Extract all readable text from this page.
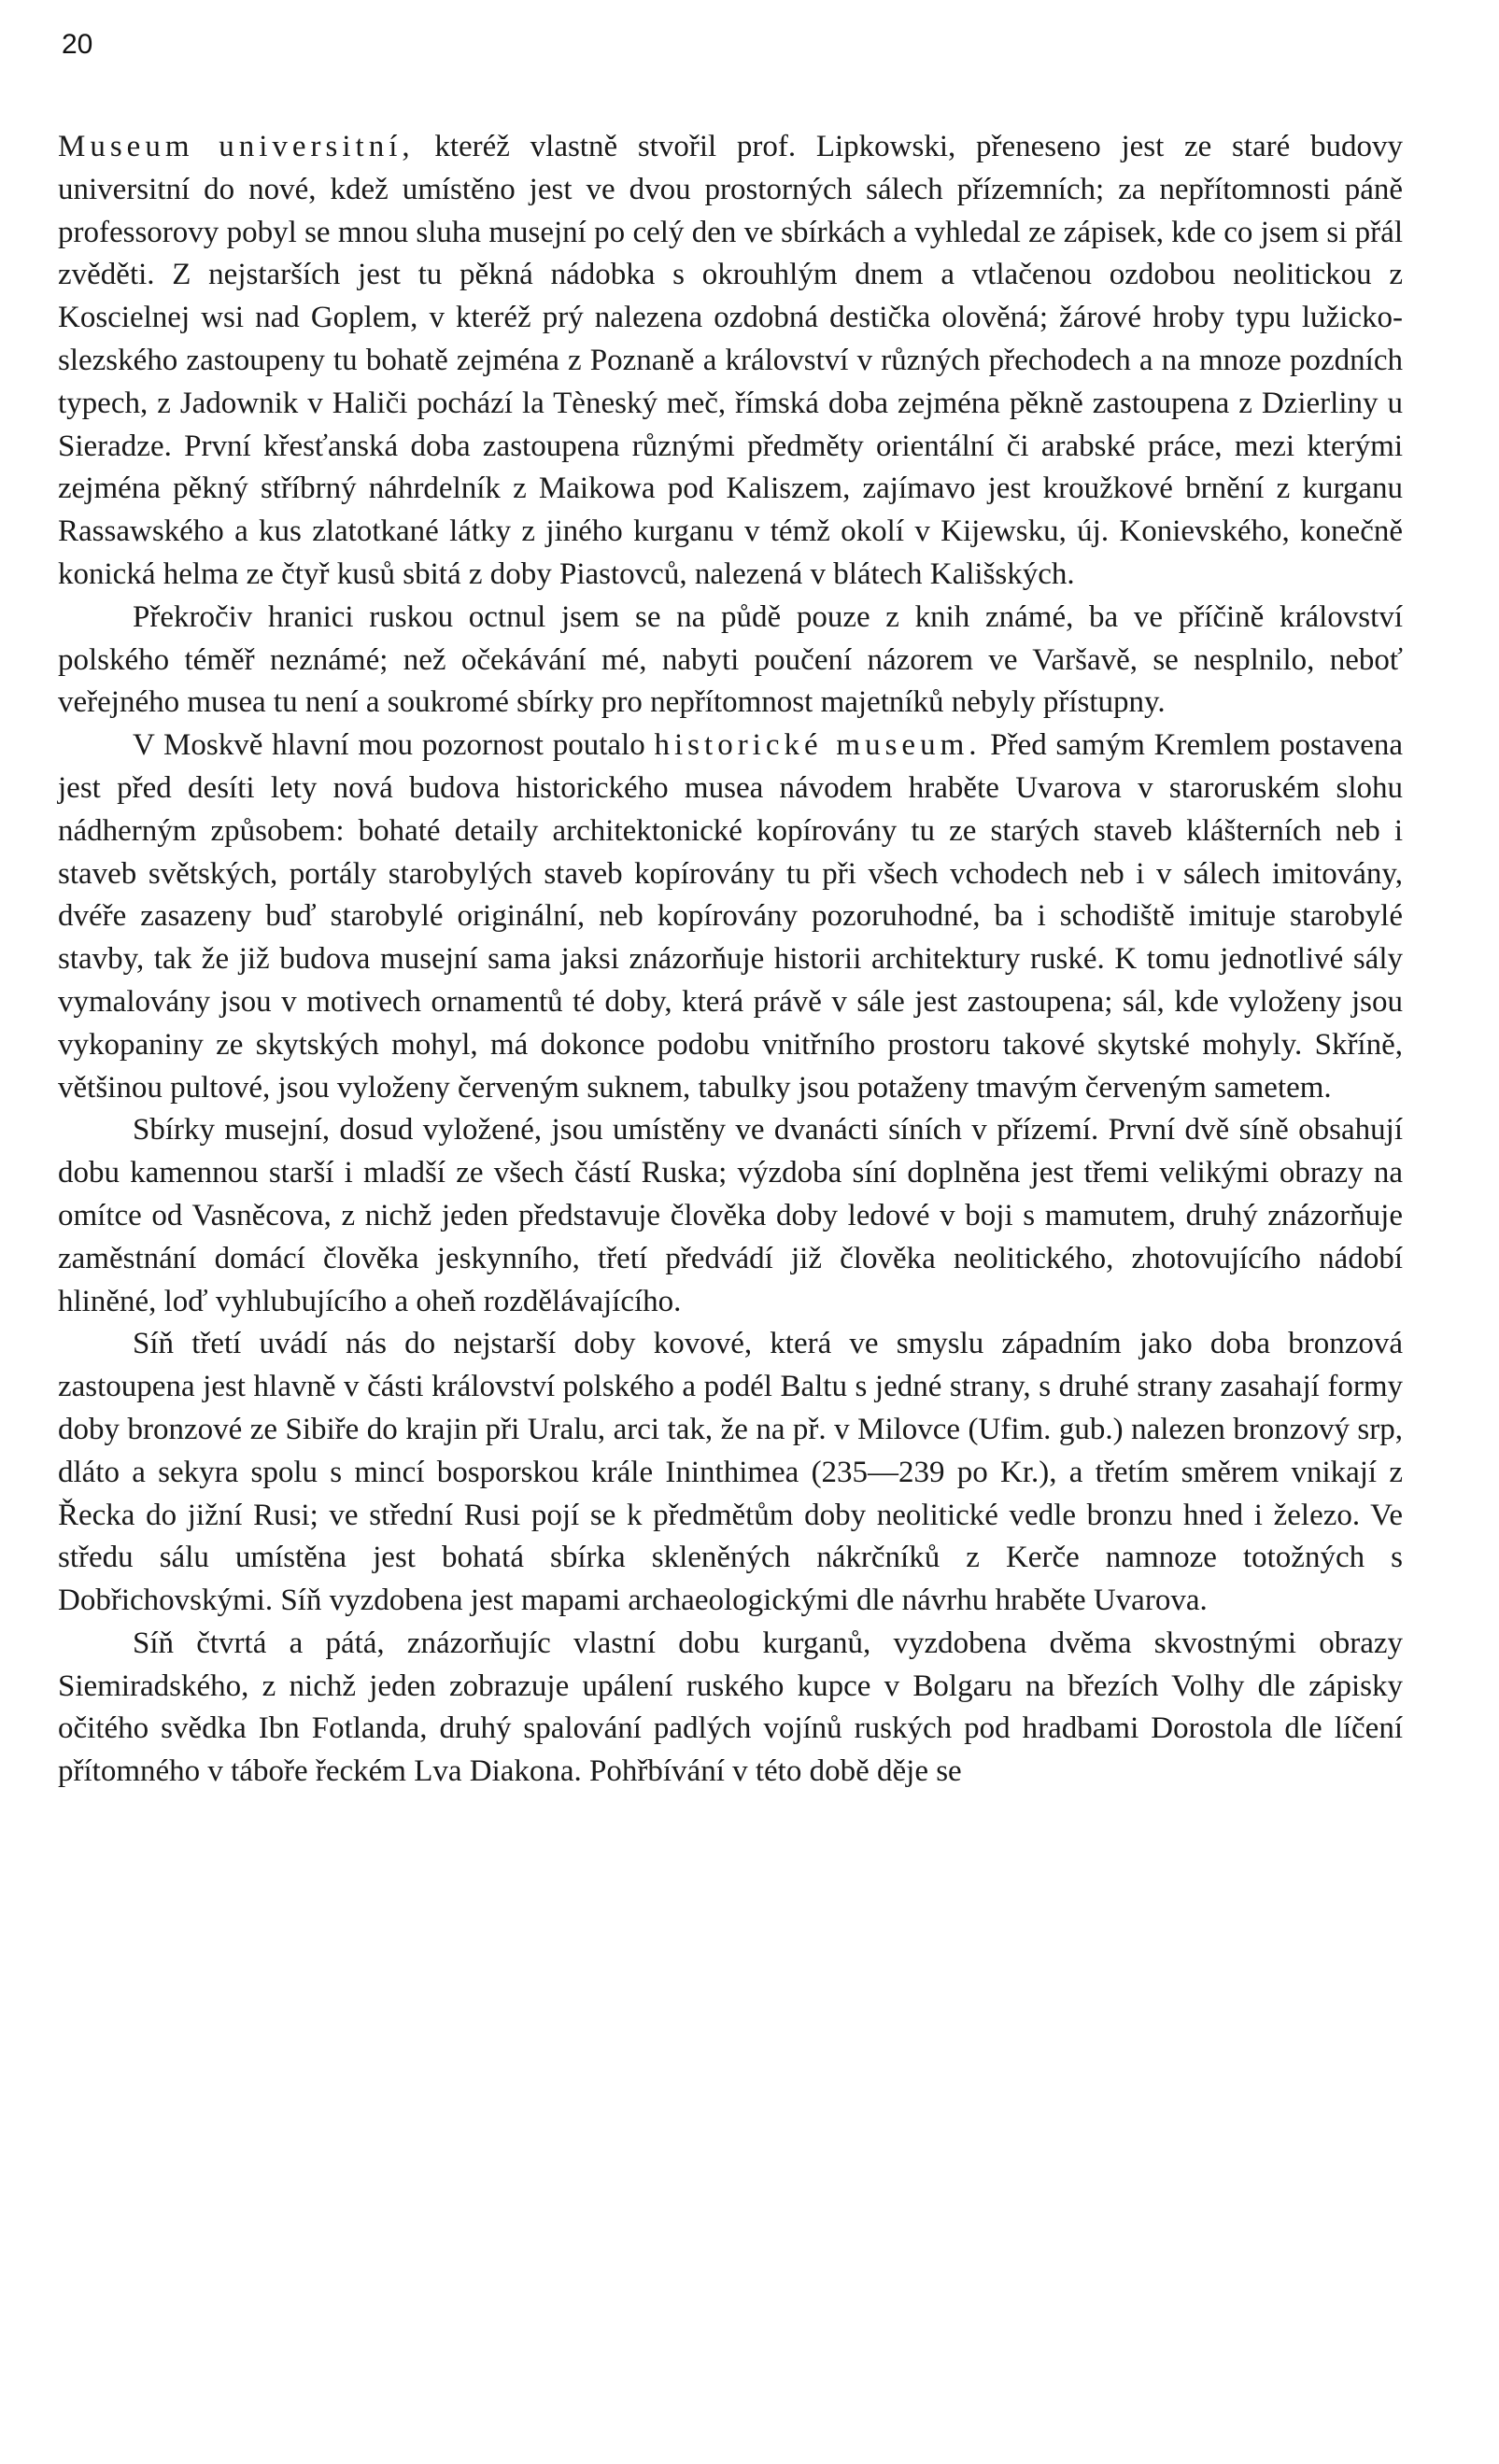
20

Museum universitní, kteréž vlastně stvořil prof. Lipkowski, přeneseno jest ze staré budovy universitní do nové, kdež umístěno jest ve dvou prostorných sálech přízemních; za nepřítomnosti páně professorovy pobyl se mnou sluha musejní po celý den ve sbírkách a vyhledal ze zápisek, kde co jsem si přál zvěděti. Z nejstarších jest tu pěkná nádobka s okrouhlým dnem a vtlačenou ozdobou neolitickou z Koscielnej wsi nad Goplem, v kteréž prý nalezena ozdobná destička olověná; žárové hroby typu lužicko-slezského zastoupeny tu bohatě zejména z Poznaně a království v různých přechodech a na mnoze pozdních typech, z Jadownik v Haliči pochází la Tèneský meč, římská doba zejména pěkně zastoupena z Dzierliny u Sieradze. První křesťanská doba zastoupena různými předměty orientální či arabské práce, mezi kterými zejména pěkný stříbrný náhrdelník z Maikowa pod Kaliszem, zajímavo jest kroužkové brnění z kurganu Rassawského a kus zlatotkané látky z jiného kurganu v témž okolí v Kijewsku, új. Konievského, konečně konická helma ze čtyř kusů sbitá z doby Piastovců, nalezená v blátech Kališských.

Překročiv hranici ruskou octnul jsem se na půdě pouze z knih známé, ba ve příčině království polského téměř neznámé; než očekávání mé, nabyti poučení názorem ve Varšavě, se nesplnilo, neboť veřejného musea tu není a soukromé sbírky pro nepřítomnost majetníků nebyly přístupny.

V Moskvě hlavní mou pozornost poutalo historické museum. Před samým Kremlem postavena jest před desíti lety nová budova historického musea návodem hraběte Uvarova v staroruském slohu nádherným způsobem: bohaté detaily architektonické kopírovány tu ze starých staveb klášterních neb i staveb světských, portály starobylých staveb kopírovány tu při všech vchodech neb i v sálech imitovány, dvéře zasazeny buď starobylé originální, neb kopírovány pozoruhodné, ba i schodiště imituje starobylé stavby, tak že již budova musejní sama jaksi znázorňuje historii architektury ruské. K tomu jednotlivé sály vymalovány jsou v motivech ornamentů té doby, která právě v sále jest zastoupena; sál, kde vyloženy jsou vykopaniny ze skytských mohyl, má dokonce podobu vnitřního prostoru takové skytské mohyly. Skříně, většinou pultové, jsou vyloženy červeným suknem, tabulky jsou potaženy tmavým červeným sametem.

Sbírky musejní, dosud vyložené, jsou umístěny ve dvanácti síních v přízemí. První dvě síně obsahují dobu kamennou starší i mladší ze všech částí Ruska; výzdoba síní doplněna jest třemi velikými obrazy na omítce od Vasněcova, z nichž jeden představuje člověka doby ledové v boji s mamutem, druhý znázorňuje zaměstnání domácí člověka jeskynního, třetí předvádí již člověka neolitického, zhotovujícího nádobí hliněné, loď vyhlubujícího a oheň rozdělávajícího.

Síň třetí uvádí nás do nejstarší doby kovové, která ve smyslu západním jako doba bronzová zastoupena jest hlavně v části království polského a podél Baltu s jedné strany, s druhé strany zasahají formy doby bronzové ze Sibiře do krajin při Uralu, arci tak, že na př. v Milovce (Ufim. gub.) nalezen bronzový srp, dláto a sekyra spolu s mincí bosporskou krále Ininthimea (235—239 po Kr.), a třetím směrem vnikají z Řecka do jižní Rusi; ve střední Rusi pojí se k předmětům doby neolitické vedle bronzu hned i železo. Ve středu sálu umístěna jest bohatá sbírka skleněných nákrčníků z Kerče namnoze totožných s Dobřichovskými. Síň vyzdobena jest mapami archaeologickými dle návrhu hraběte Uvarova.

Síň čtvrtá a pátá, znázorňujíc vlastní dobu kurganů, vyzdobena dvěma skvostnými obrazy Siemiradského, z nichž jeden zobrazuje upálení ruského kupce v Bolgaru na březích Volhy dle zápisky očitého svědka Ibn Fotlanda, druhý spalování padlých vojínů ruských pod hradbami Dorostola dle líčení přítomného v táboře řeckém Lva Diakona. Pohřbívání v této době děje se
